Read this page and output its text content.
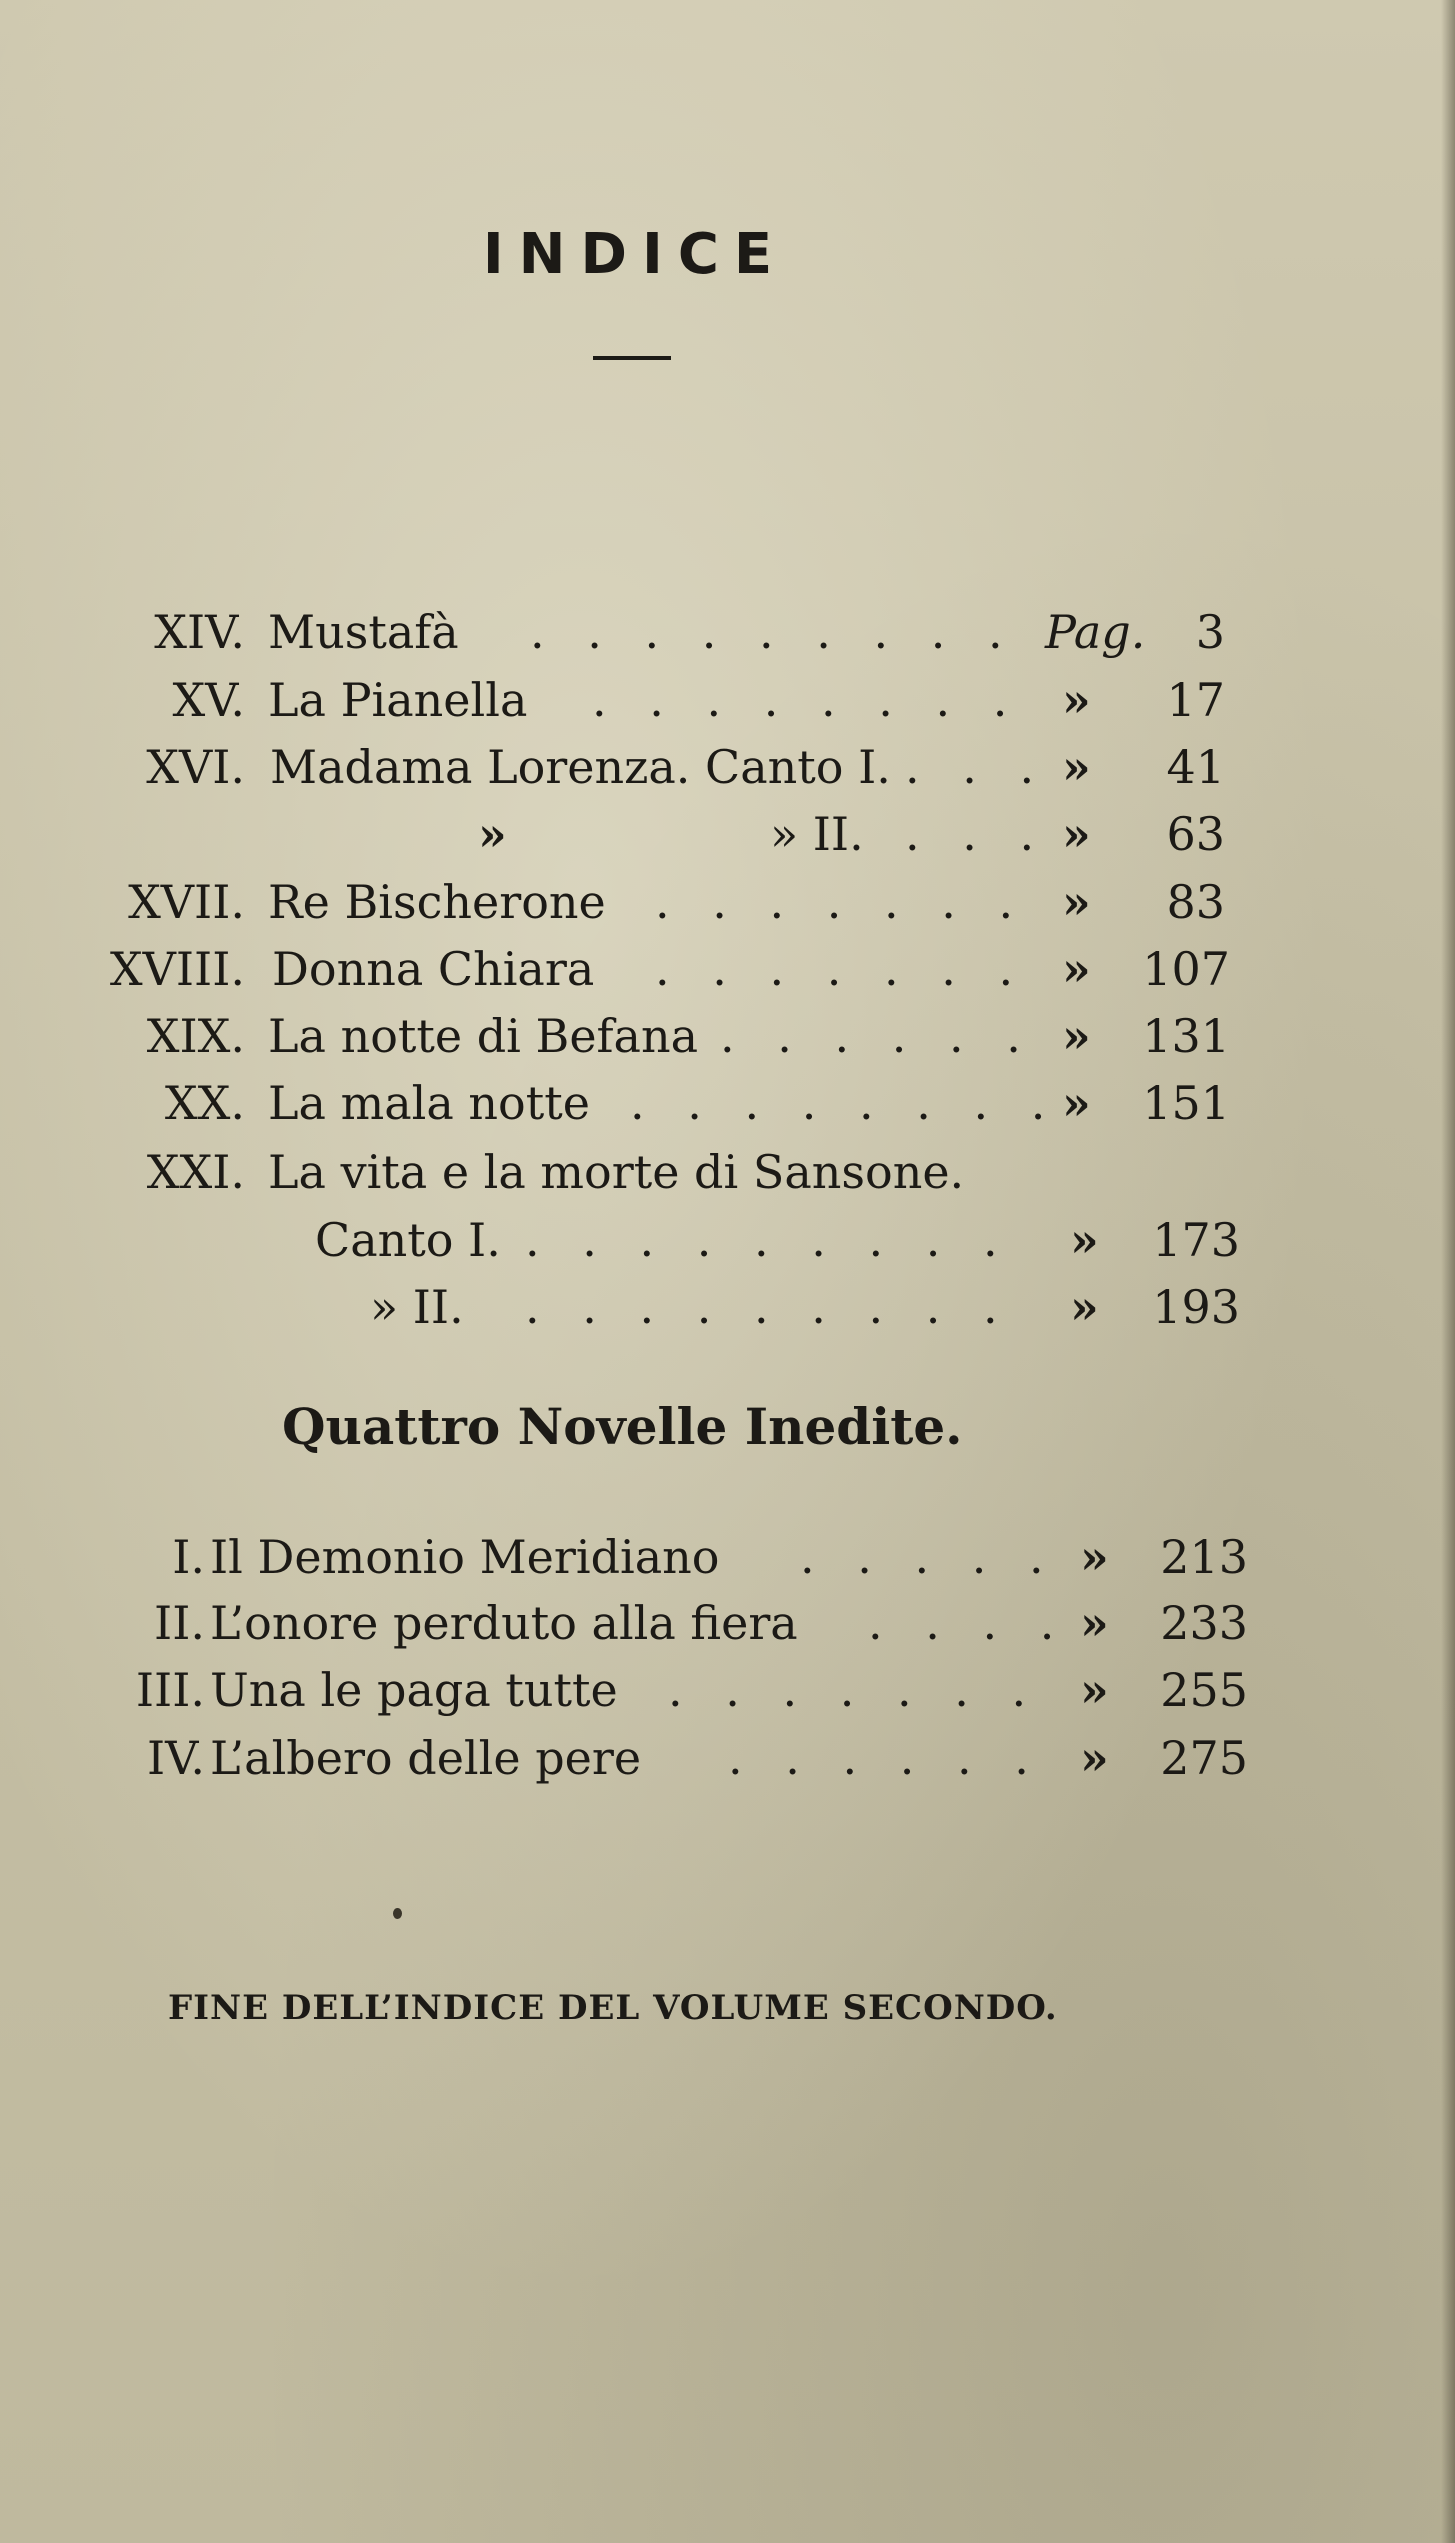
INDICE
XIV. Mustafà . . . . . . . . . Pag. 3
XV. La Pianella . . . . . . . . » 17
XVI. Madama Lorenza. Canto I. . . . » 41
»	» II. . . . » 63
XVII. Re Bischerone . . . . . . . » 83
XVIII. Donna Chiara . . . . . . . » 107
XIX. La notte di Befana . . . . . . » 131
XX. La mala notte . . . . . . . . » 151
XXI. La vita e la morte di Sansone.
Canto I. . . . . . . . . . » 173
» II. . . . . . . . . . » 193
Quattro Novelle Inedite.
I. Il Demonio Meridiano . . . . . » 213
II. L’onore perduto alla fiera . . . . » 233
III. Una le paga tutte . . . . . . . » 255
IV. L’albero delle pere . . . . . . » 275
FINE DELL’INDICE DEL VOLUME SECONDO.
